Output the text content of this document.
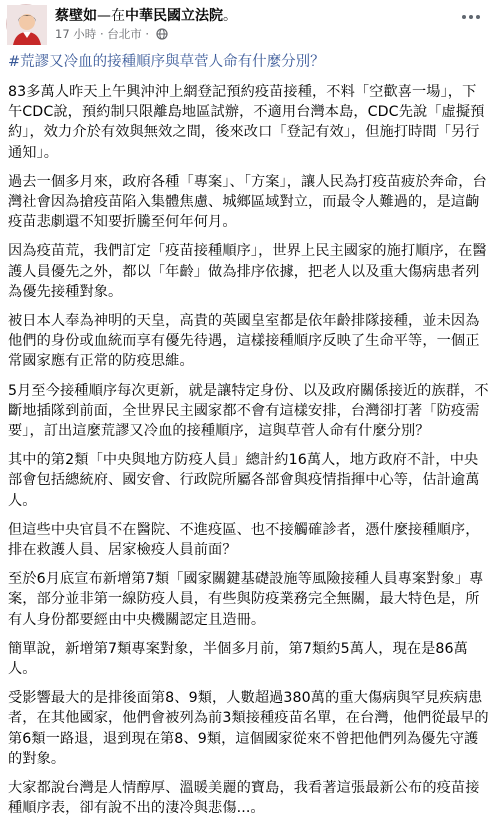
蔡壁如—在中華民國立法院。
17 小時 · 台北市 ·
#荒謬又冷血的接種順序與草菅人命有什麼分別？

83多萬人昨天上午興沖沖上網登記預約疫苗接種，不料「空歡喜一場」，下午CDC說，預約制只限離島地區試辦，不適用台灣本島，CDC先說「虛擬預約」，效力介於有效與無效之間，後來改口「登記有效」，但施打時間「另行通知」。

過去一個多月來，政府各種「專案」、「方案」，讓人民為打疫苗疲於奔命，台灣社會因為搶疫苗陷入集體焦慮、城鄉區域對立，而最令人難過的，是這齣疫苗悲劇還不知要折騰至何年何月。

因為疫苗荒，我們訂定「疫苗接種順序」，世界上民主國家的施打順序，在醫護人員優先之外，都以「年齡」做為排序依據，把老人以及重大傷病患者列為優先接種對象。

被日本人奉為神明的天皇，高貴的英國皇室都是依年齡排隊接種，並未因為他們的身份或血統而享有優先待遇，這樣接種順序反映了生命平等，一個正常國家應有正常的防疫思維。

5月至今接種順序每次更新，就是讓特定身份、以及政府關係接近的族群，不斷地插隊到前面，全世界民主國家都不會有這樣安排，台灣卻打著「防疫需要」，訂出這麼荒謬又冷血的接種順序，這與草菅人命有什麼分別？

其中的第2類「中央與地方防疫人員」總計約16萬人，地方政府不計，中央部會包括總統府、國安會、行政院所屬各部會與疫情指揮中心等，估計逾萬人。

但這些中央官員不在醫院、不進疫區、也不接觸確診者，憑什麼接種順序，排在救護人員、居家檢疫人員前面？

至於6月底宣布新增第7類「國家關鍵基礎設施等風險接種人員專案對象」專案，部分並非第一線防疫人員，有些與防疫業務完全無關，最大特色是，所有人身份都要經由中央機關認定且造冊。

簡單說，新增第7類專案對象，半個多月前，第7類約5萬人，現在是86萬人。

受影響最大的是排後面第8、9類，人數超過380萬的重大傷病與罕見疾病患者，在其他國家，他們會被列為前3類接種疫苗名單，在台灣，他們從最早的第6類一路退，退到現在第8、9類，這個國家從來不曾把他們列為優先守護的對象。

大家都說台灣是人情醇厚、溫暖美麗的寶島，我看著這張最新公布的疫苗接種順序表，卻有說不出的淒冷與悲傷...。
